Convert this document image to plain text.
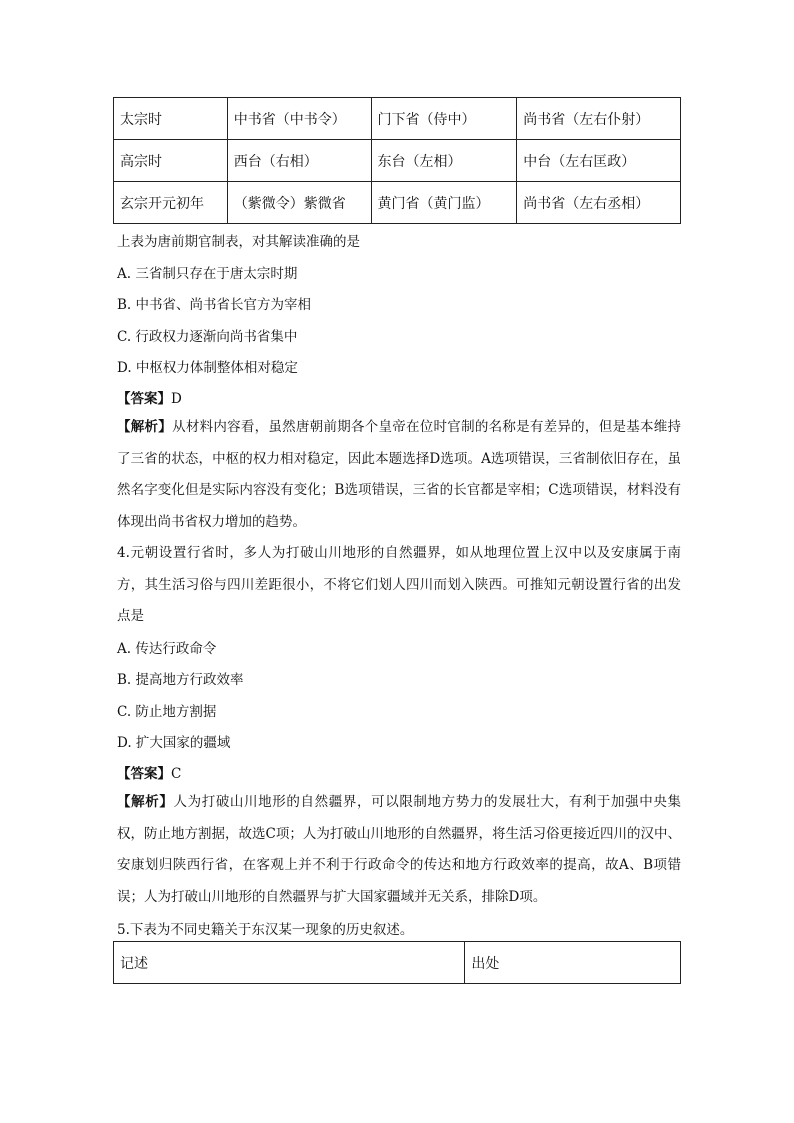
太宗时	中书省（中书令）	门下省（侍中）	尚书省（左右仆射）
高宗时	西台（右相）	东台（左相）	中台（左右匡政）
玄宗开元初年	（紫微令）紫微省	黄门省（黄门监）	尚书省（左右丞相）
上表为唐前期官制表，对其解读准确的是
A. 三省制只存在于唐太宗时期
B. 中书省、尚书省长官方为宰相
C. 行政权力逐渐向尚书省集中
D. 中枢权力体制整体相对稳定
【答案】D
【解析】从材料内容看，虽然唐朝前期各个皇帝在位时官制的名称是有差异的，但是基本维持了三省的状态，中枢的权力相对稳定，因此本题选择D选项。A选项错误，三省制依旧存在，虽然名字变化但是实际内容没有变化；B选项错误，三省的长官都是宰相；C选项错误，材料没有体现出尚书省权力增加的趋势。
4.元朝设置行省时，多人为打破山川地形的自然疆界，如从地理位置上汉中以及安康属于南方，其生活习俗与四川差距很小，不将它们划人四川而划入陕西。可推知元朝设置行省的出发点是
A. 传达行政命令
B. 提高地方行政效率
C. 防止地方割据
D. 扩大国家的疆域
【答案】C
【解析】人为打破山川地形的自然疆界，可以限制地方势力的发展壮大，有利于加强中央集权，防止地方割据，故选C项；人为打破山川地形的自然疆界，将生活习俗更接近四川的汉中、安康划归陕西行省，在客观上并不利于行政命令的传达和地方行政效率的提高，故A、B项错误；人为打破山川地形的自然疆界与扩大国家疆域并无关系，排除D项。
5.下表为不同史籍关于东汉某一现象的历史叙述。
记述	出处
